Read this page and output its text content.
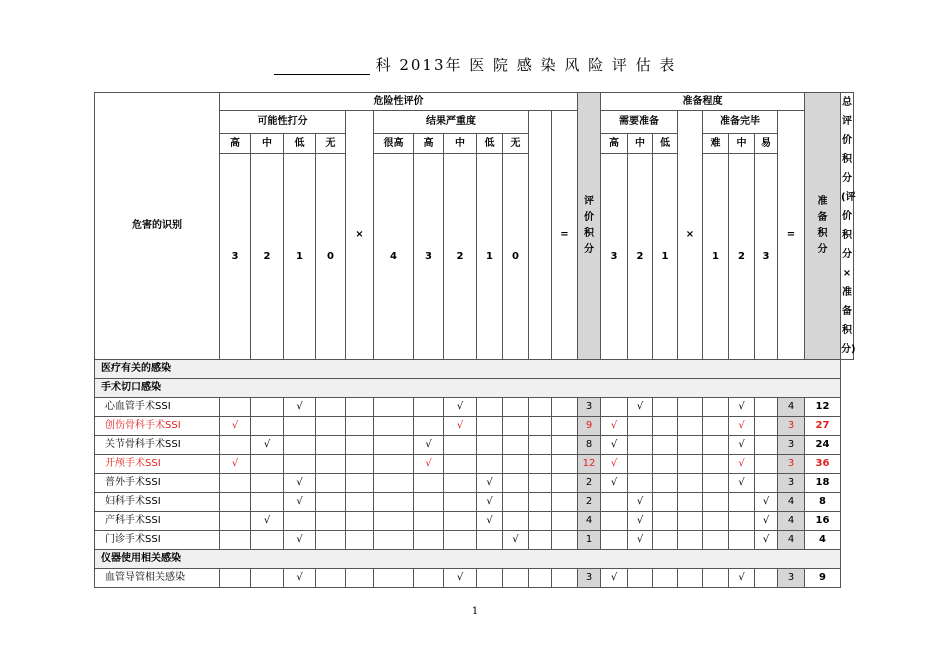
科 2013年 医 院 感 染 风 险 评 估 表
危害的识别	危险性评价												评价积分	准备程度								准备积分	总评价积分(评价积分×准备积分)
	可能性打分				×	结果严重度						=		需要准备			×	准备完毕			=		
	高	中	低	无		很高	高	中	低	无				高	中	低		难	中	易			
	3	2	1	0		4	3	2	1	0				3	2	1		1	2	3			
医疗有关的感染																							
手术切口感染																							
心血管手术SSI			√					√					3		√				√		4	12	
创伤骨科手术SSI	√							√					9	√					√		3	27	
关节骨科手术SSI		√					√						8	√					√		3	24	
开颅手术SSI	√						√						12	√					√		3	36	
普外手术SSI			√						√				2	√					√		3	18	
妇科手术SSI			√						√				2		√					√	4	8	
产科手术SSI		√							√				4		√					√	4	16	
门诊手术SSI			√							√			1		√					√	4	4	
仪器使用相关感染																							
血管导管相关感染			√					√					3	√					√		3	9	
1
